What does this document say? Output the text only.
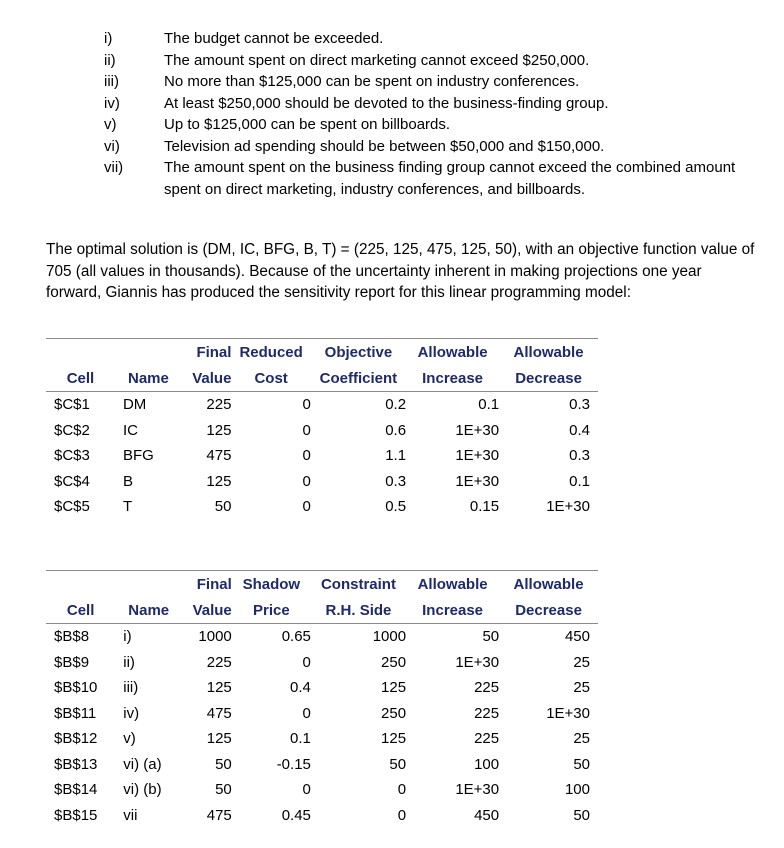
i)	The budget cannot be exceeded.
ii)	The amount spent on direct marketing cannot exceed $250,000.
iii)	No more than $125,000 can be spent on industry conferences.
iv)	At least $250,000 should be devoted to the business-finding group.
v)	Up to $125,000 can be spent on billboards.
vi)	Television ad spending should be between $50,000 and $150,000.
vii)	The amount spent on the business finding group cannot exceed the combined amount spent on direct marketing, industry conferences, and billboards.

The optimal solution is (DM, IC, BFG, B, T) = (225, 125, 475, 125, 50), with an objective function value of 705 (all values in thousands). Because of the uncertainty inherent in making projections one year forward, Giannis has produced the sensitivity report for this linear programming model:

		Final	Reduced	Objective	Allowable	Allowable
Cell	Name	Value	Cost	Coefficient	Increase	Decrease
$C$1	DM	225	0	0.2	0.1	0.3
$C$2	IC	125	0	0.6	1E+30	0.4
$C$3	BFG	475	0	1.1	1E+30	0.3
$C$4	B	125	0	0.3	1E+30	0.1
$C$5	T	50	0	0.5	0.15	1E+30
		Final	Shadow	Constraint	Allowable	Allowable
Cell	Name	Value	Price	R.H. Side	Increase	Decrease
$B$8	i)	1000	0.65	1000	50	450
$B$9	ii)	225	0	250	1E+30	25
$B$10	iii)	125	0.4	125	225	25
$B$11	iv)	475	0	250	225	1E+30
$B$12	v)	125	0.1	125	225	25
$B$13	vi) (a)	50	-0.15	50	100	50
$B$14	vi) (b)	50	0	0	1E+30	100
$B$15	vii	475	0.45	0	450	50
